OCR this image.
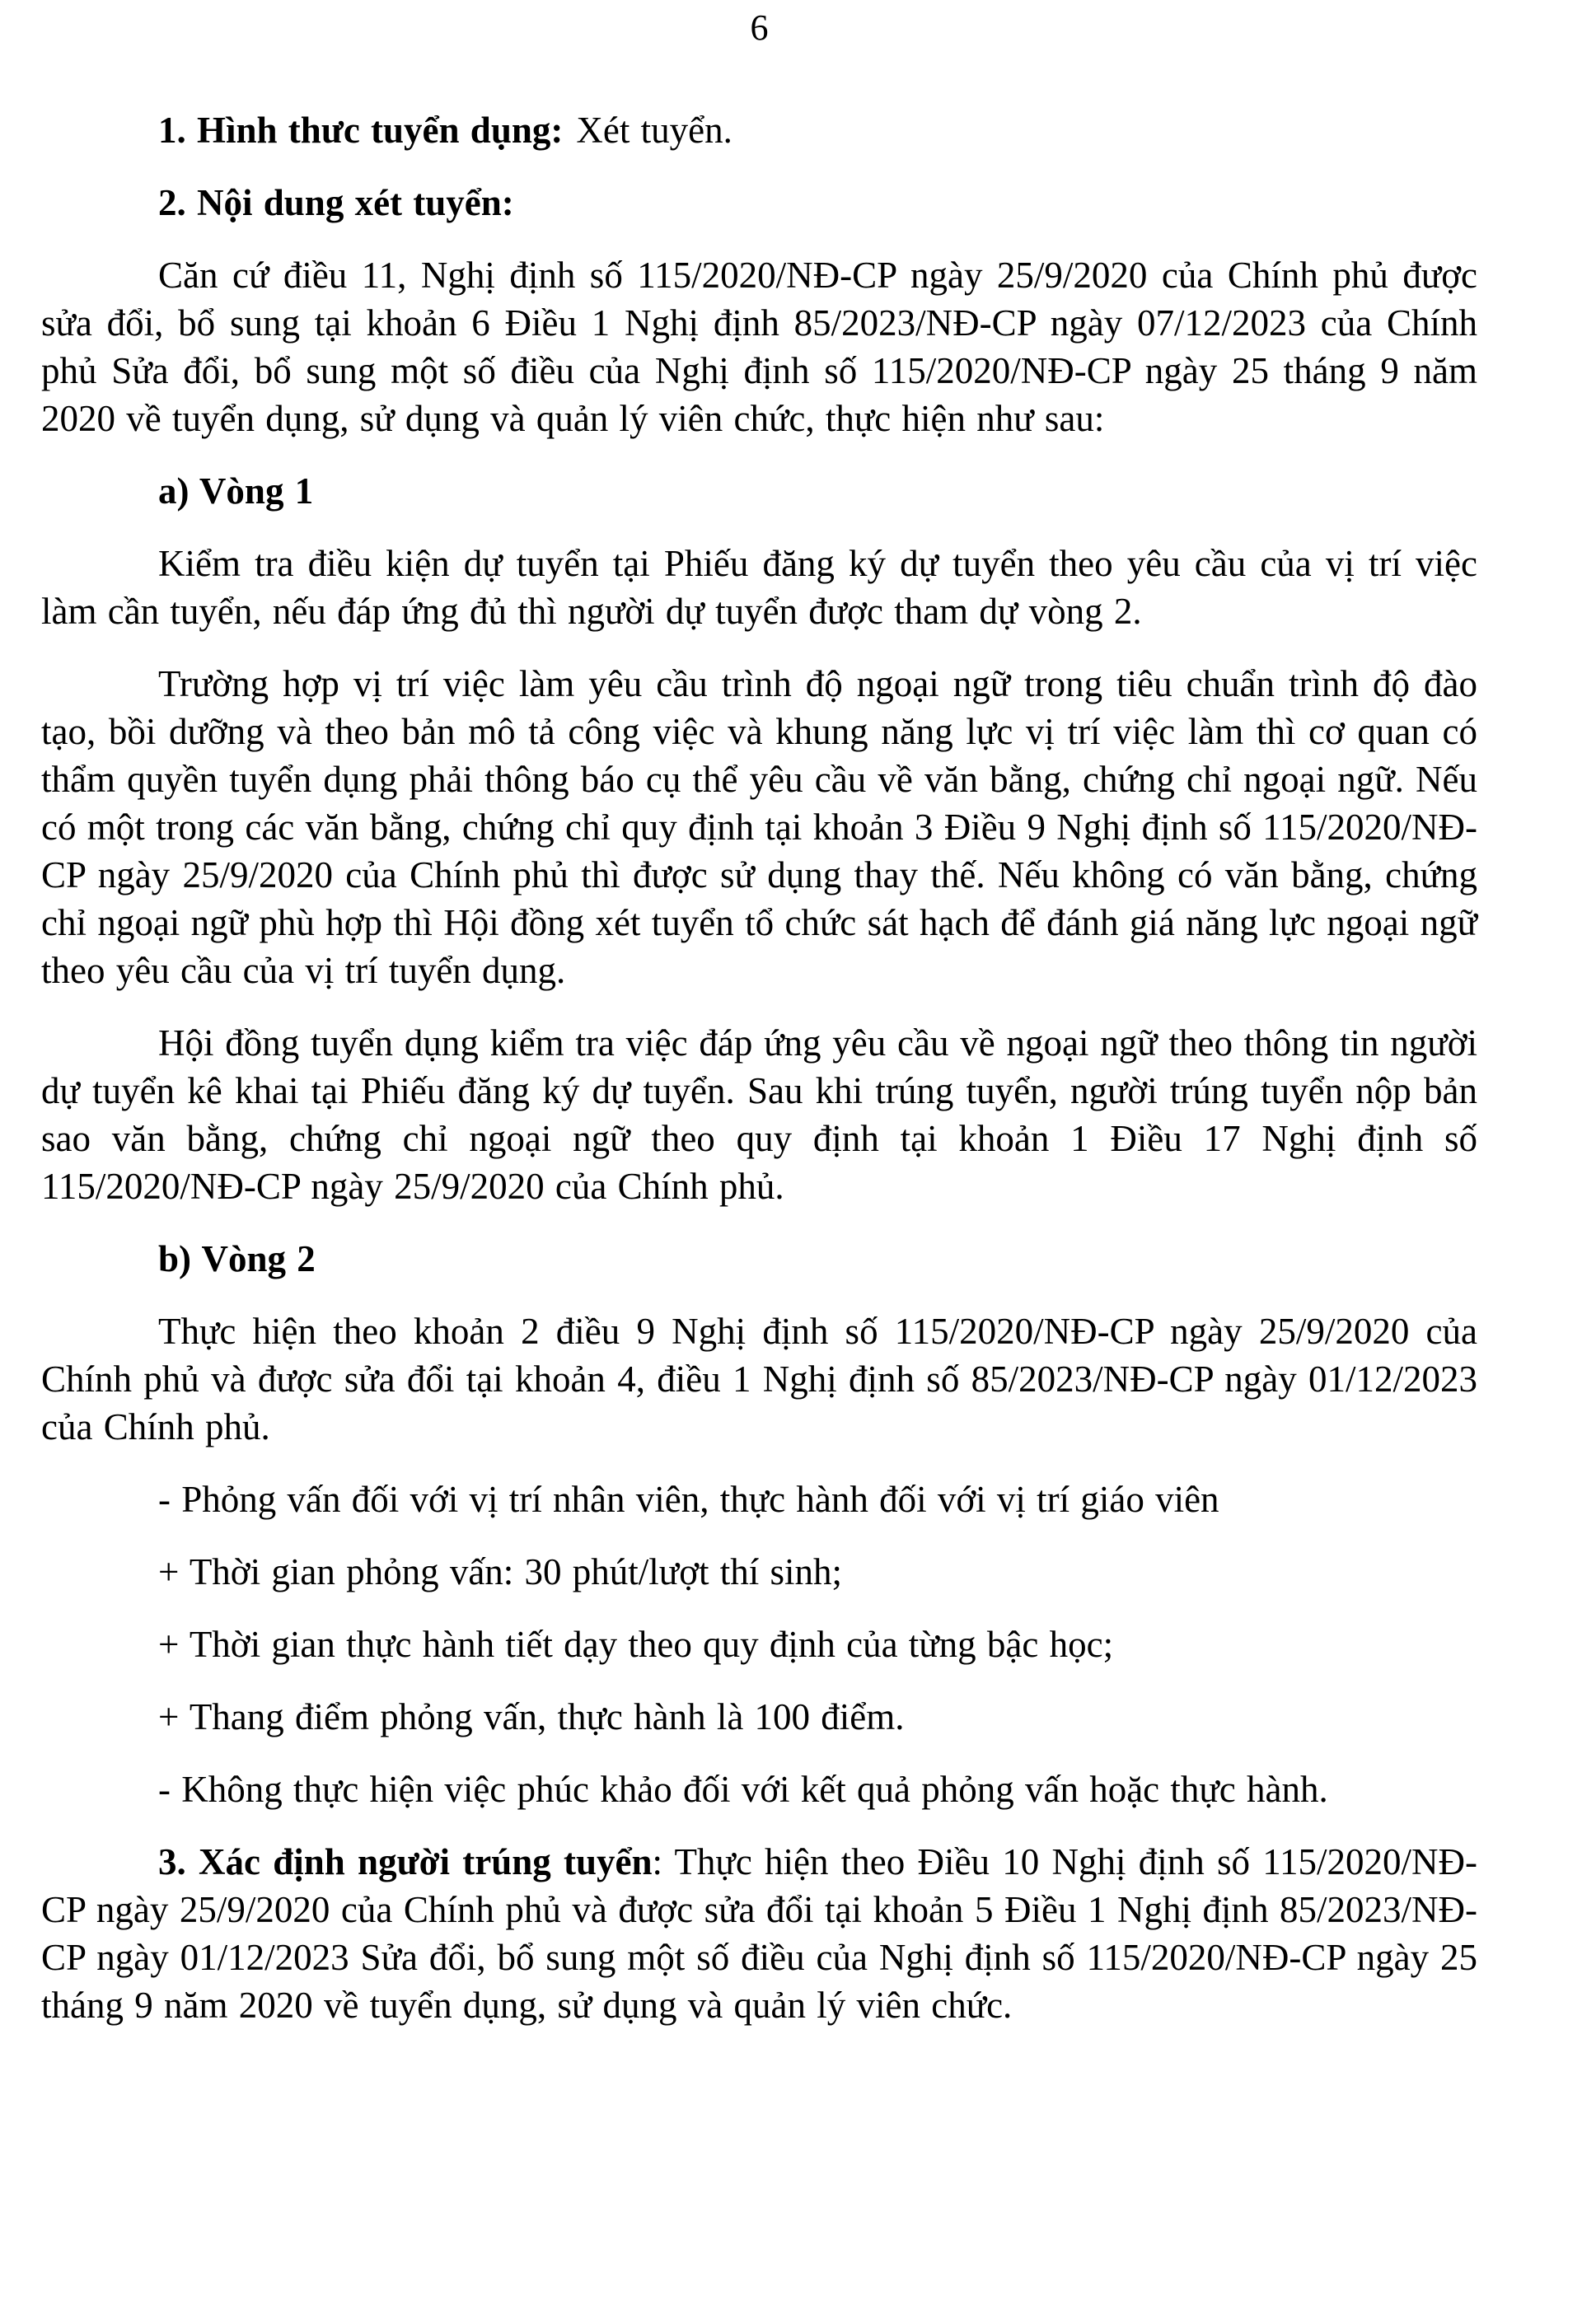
6

1. Hình thưc tuyển dụng: Xét tuyển.

2. Nội dung xét tuyển:

Căn cứ điều 11, Nghị định số 115/2020/NĐ-CP ngày 25/9/2020 của Chính phủ được sửa đổi, bổ sung tại khoản 6 Điều 1 Nghị định 85/2023/NĐ-CP ngày 07/12/2023 của Chính phủ Sửa đổi, bổ sung một số điều của Nghị định số 115/2020/NĐ-CP ngày 25 tháng 9 năm 2020 về tuyển dụng, sử dụng và quản lý viên chức, thực hiện như sau:

a) Vòng 1

Kiểm tra điều kiện dự tuyển tại Phiếu đăng ký dự tuyển theo yêu cầu của vị trí việc làm cần tuyển, nếu đáp ứng đủ thì người dự tuyển được tham dự vòng 2.

Trường hợp vị trí việc làm yêu cầu trình độ ngoại ngữ trong tiêu chuẩn trình độ đào tạo, bồi dưỡng và theo bản mô tả công việc và khung năng lực vị trí việc làm thì cơ quan có thẩm quyền tuyển dụng phải thông báo cụ thể yêu cầu về văn bằng, chứng chỉ ngoại ngữ. Nếu có một trong các văn bằng, chứng chỉ quy định tại khoản 3 Điều 9 Nghị định số 115/2020/NĐ-CP ngày 25/9/2020 của Chính phủ thì được sử dụng thay thế. Nếu không có văn bằng, chứng chỉ ngoại ngữ phù hợp thì Hội đồng xét tuyển tổ chức sát hạch để đánh giá năng lực ngoại ngữ theo yêu cầu của vị trí tuyển dụng.

Hội đồng tuyển dụng kiểm tra việc đáp ứng yêu cầu về ngoại ngữ theo thông tin người dự tuyển kê khai tại Phiếu đăng ký dự tuyển. Sau khi trúng tuyển, người trúng tuyển nộp bản sao văn bằng, chứng chỉ ngoại ngữ theo quy định tại khoản 1 Điều 17 Nghị định số 115/2020/NĐ-CP ngày 25/9/2020 của Chính phủ.

b) Vòng 2

Thực hiện theo khoản 2 điều 9 Nghị định số 115/2020/NĐ-CP ngày 25/9/2020 của Chính phủ và được sửa đổi tại khoản 4, điều 1 Nghị định số 85/2023/NĐ-CP ngày 01/12/2023 của Chính phủ.

- Phỏng vấn đối với vị trí nhân viên, thực hành đối với vị trí giáo viên

+ Thời gian phỏng vấn: 30 phút/lượt thí sinh;

+ Thời gian thực hành tiết dạy theo quy định của từng bậc học;

+ Thang điểm phỏng vấn, thực hành là 100 điểm.

- Không thực hiện việc phúc khảo đối với kết quả phỏng vấn hoặc thực hành.

3. Xác định người trúng tuyển: Thực hiện theo Điều 10 Nghị định số 115/2020/NĐ-CP ngày 25/9/2020 của Chính phủ và được sửa đổi tại khoản 5 Điều 1 Nghị định 85/2023/NĐ-CP ngày 01/12/2023 Sửa đổi, bổ sung một số điều của Nghị định số 115/2020/NĐ-CP ngày 25 tháng 9 năm 2020 về tuyển dụng, sử dụng và quản lý viên chức.
